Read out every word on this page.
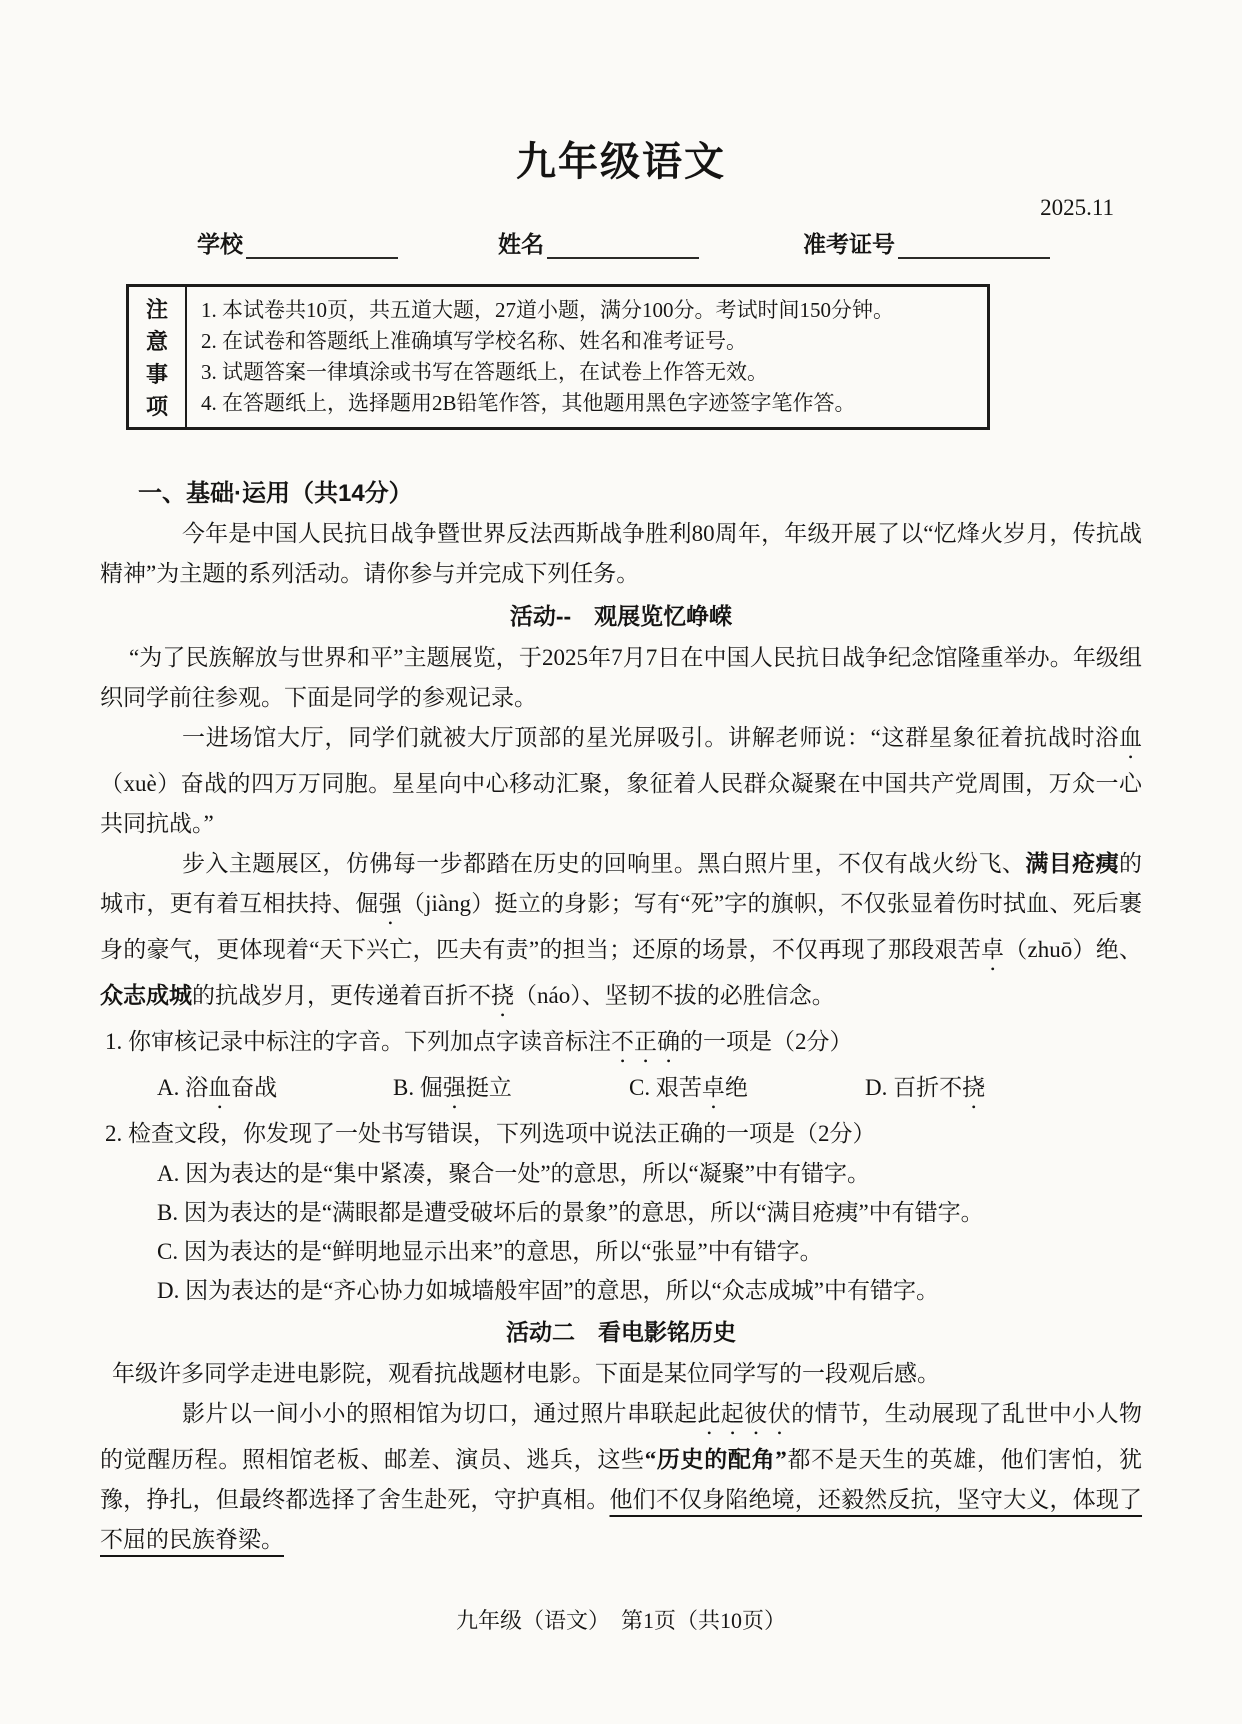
九年级语文
2025.11
学校	姓名	准考证号
注
意
事
项
1. 本试卷共10页，共五道大题，27道小题，满分100分。考试时间150分钟。
2. 在试卷和答题纸上准确填写学校名称、姓名和准考证号。
3. 试题答案一律填涂或书写在答题纸上，在试卷上作答无效。
4. 在答题纸上，选择题用2B铅笔作答，其他题用黑色字迹签字笔作答。
一、基础·运用（共14分）

今年是中国人民抗日战争暨世界反法西斯战争胜利80周年，年级开展了以“忆烽火岁月，传抗战精神”为主题的系列活动。请你参与并完成下列任务。

活动--　观展览忆峥嵘

“为了民族解放与世界和平”主题展览，于2025年7月7日在中国人民抗日战争纪念馆隆重举办。年级组织同学前往参观。下面是同学的参观记录。

一进场馆大厅，同学们就被大厅顶部的星光屏吸引。讲解老师说：“这群星象征着抗战时浴血（xuè）奋战的四万万同胞。星星向中心移动汇聚，象征着人民群众凝聚在中国共产党周围，万众一心共同抗战。”

步入主题展区，仿佛每一步都踏在历史的回响里。黑白照片里，不仅有战火纷飞、满目疮痍的城市，更有着互相扶持、倔强（jiàng）挺立的身影；写有“死”字的旗帜，不仅张显着伤时拭血、死后裹身的豪气，更体现着“天下兴亡，匹夫有责”的担当；还原的场景，不仅再现了那段艰苦卓（zhuō）绝、众志成城的抗战岁月，更传递着百折不挠（náo）、坚韧不拔的必胜信念。

1. 你审核记录中标注的字音。下列加点字读音标注不正确的一项是（2分）

A. 浴血奋战	B. 倔强挺立	C. 艰苦卓绝	D. 百折不挠

2. 检查文段，你发现了一处书写错误，下列选项中说法正确的一项是（2分）

A. 因为表达的是“集中紧凑，聚合一处”的意思，所以“凝聚”中有错字。

B. 因为表达的是“满眼都是遭受破坏后的景象”的意思，所以“满目疮痍”中有错字。

C. 因为表达的是“鲜明地显示出来”的意思，所以“张显”中有错字。

D. 因为表达的是“齐心协力如城墙般牢固”的意思，所以“众志成城”中有错字。

活动二　看电影铭历史

年级许多同学走进电影院，观看抗战题材电影。下面是某位同学写的一段观后感。

影片以一间小小的照相馆为切口，通过照片串联起此起彼伏的情节，生动展现了乱世中小人物的觉醒历程。照相馆老板、邮差、演员、逃兵，这些“历史的配角”都不是天生的英雄，他们害怕，犹豫，挣扎，但最终都选择了舍生赴死，守护真相。他们不仅身陷绝境，还毅然反抗，坚守大义，体现了不屈的民族脊梁。

九年级（语文）　第1页（共10页）
